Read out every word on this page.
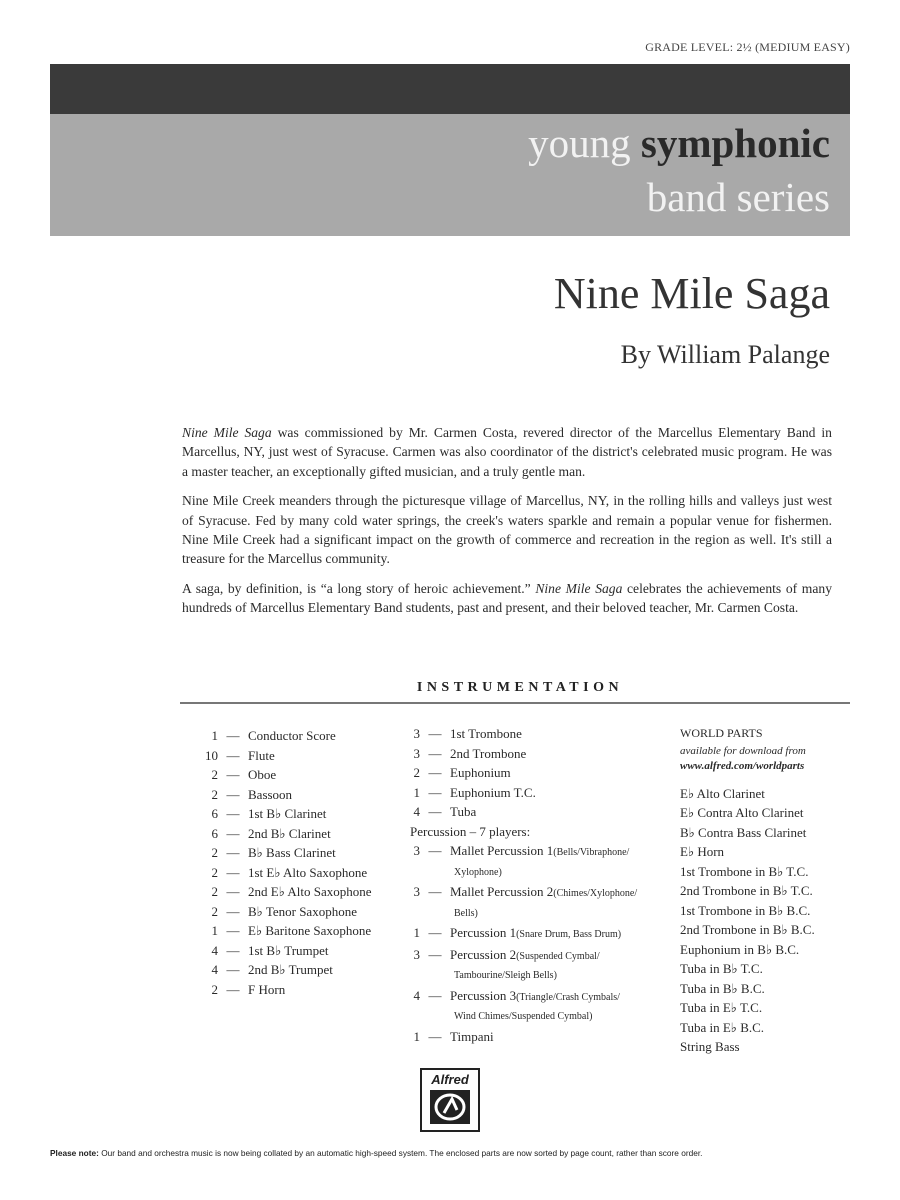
GRADE LEVEL: 2½ (MEDIUM EASY)
young symphonic
band series
Nine Mile Saga
By William Palange

Nine Mile Saga was commissioned by Mr. Carmen Costa, revered director of the Marcellus Elementary Band in Marcellus, NY, just west of Syracuse. Carmen was also coordinator of the district's celebrated music program. He was a master teacher, an exceptionally gifted musician, and a truly gentle man.

Nine Mile Creek meanders through the picturesque village of Marcellus, NY, in the rolling hills and valleys just west of Syracuse. Fed by many cold water springs, the creek's waters sparkle and remain a popular venue for fishermen. Nine Mile Creek had a significant impact on the growth of commerce and recreation in the region as well. It's still a treasure for the Marcellus community.

A saga, by definition, is “a long story of heroic achievement.” Nine Mile Saga celebrates the achievements of many hundreds of Marcellus Elementary Band students, past and present, and their beloved teacher, Mr. Carmen Costa.

INSTRUMENTATION
1 — Conductor Score
10 — Flute
2 — Oboe
2 — Bassoon
6 — 1st B♭ Clarinet
6 — 2nd B♭ Clarinet
2 — B♭ Bass Clarinet
2 — 1st E♭ Alto Saxophone
2 — 2nd E♭ Alto Saxophone
2 — B♭ Tenor Saxophone
1 — E♭ Baritone Saxophone
4 — 1st B♭ Trumpet
4 — 2nd B♭ Trumpet
2 — F Horn
3 — 1st Trombone
3 — 2nd Trombone
2 — Euphonium
1 — Euphonium T.C.
4 — Tuba
Percussion – 7 players:
3 — Mallet Percussion 1(Bells/Vibraphone/
Xylophone)
3 — Mallet Percussion 2(Chimes/Xylophone/
Bells)
1 — Percussion 1(Snare Drum, Bass Drum)
3 — Percussion 2(Suspended Cymbal/
Tambourine/Sleigh Bells)
4 — Percussion 3(Triangle/Crash Cymbals/
Wind Chimes/Suspended Cymbal)
1 — Timpani
WORLD PARTS
available for download from
www.alfred.com/worldparts
E♭ Alto Clarinet
E♭ Contra Alto Clarinet
B♭ Contra Bass Clarinet
E♭ Horn
1st Trombone in B♭ T.C.
2nd Trombone in B♭ T.C.
1st Trombone in B♭ B.C.
2nd Trombone in B♭ B.C.
Euphonium in B♭ B.C.
Tuba in B♭ T.C.
Tuba in B♭ B.C.
Tuba in E♭ T.C.
Tuba in E♭ B.C.
String Bass
Alfred
Please note: Our band and orchestra music is now being collated by an automatic high-speed system. The enclosed parts are now sorted by page count, rather than score order.
